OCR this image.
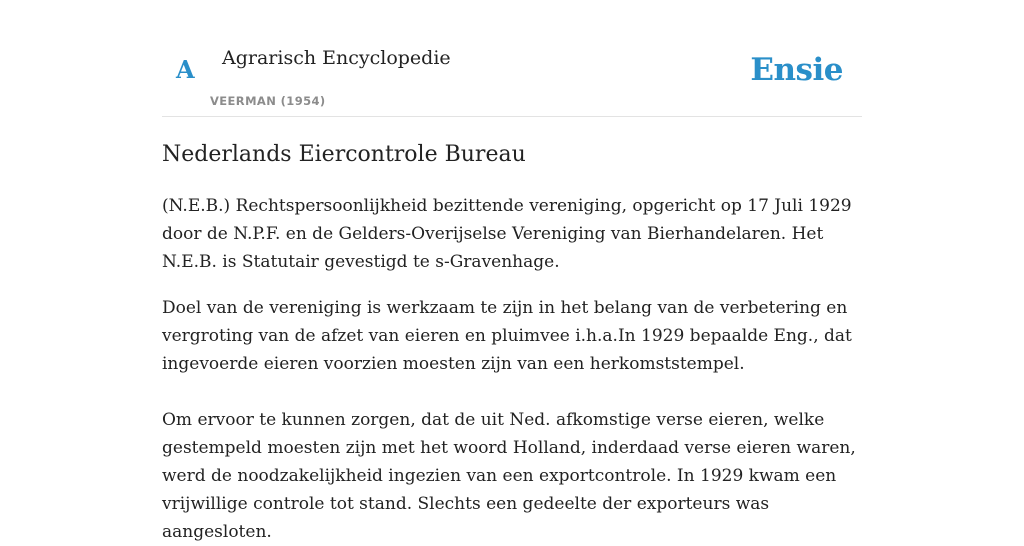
A Agrarisch Encyclopedie
VEERMAN (1954)
Ensie
Nederlands Eiercontrole Bureau

(N.E.B.) Rechtspersoonlijkheid bezittende vereniging, opgericht op 17 Juli 1929 door de N.P.F. en de Gelders-Overijselse Vereniging van Bierhandelaren. Het N.E.B. is Statutair gevestigd te s-Gravenhage.

Doel van de vereniging is werkzaam te zijn in het belang van de verbetering en vergroting van de afzet van eieren en pluimvee i.h.a.In 1929 bepaalde Eng., dat ingevoerde eieren voorzien moesten zijn van een herkomststempel.

Om ervoor te kunnen zorgen, dat de uit Ned. afkomstige verse eieren, welke gestempeld moesten zijn met het woord Holland, inderdaad verse eieren waren, werd de noodzakelijkheid ingezien van een exportcontrole. In 1929 kwam een vrijwillige controle tot stand. Slechts een gedeelte der exporteurs was aangesloten.
